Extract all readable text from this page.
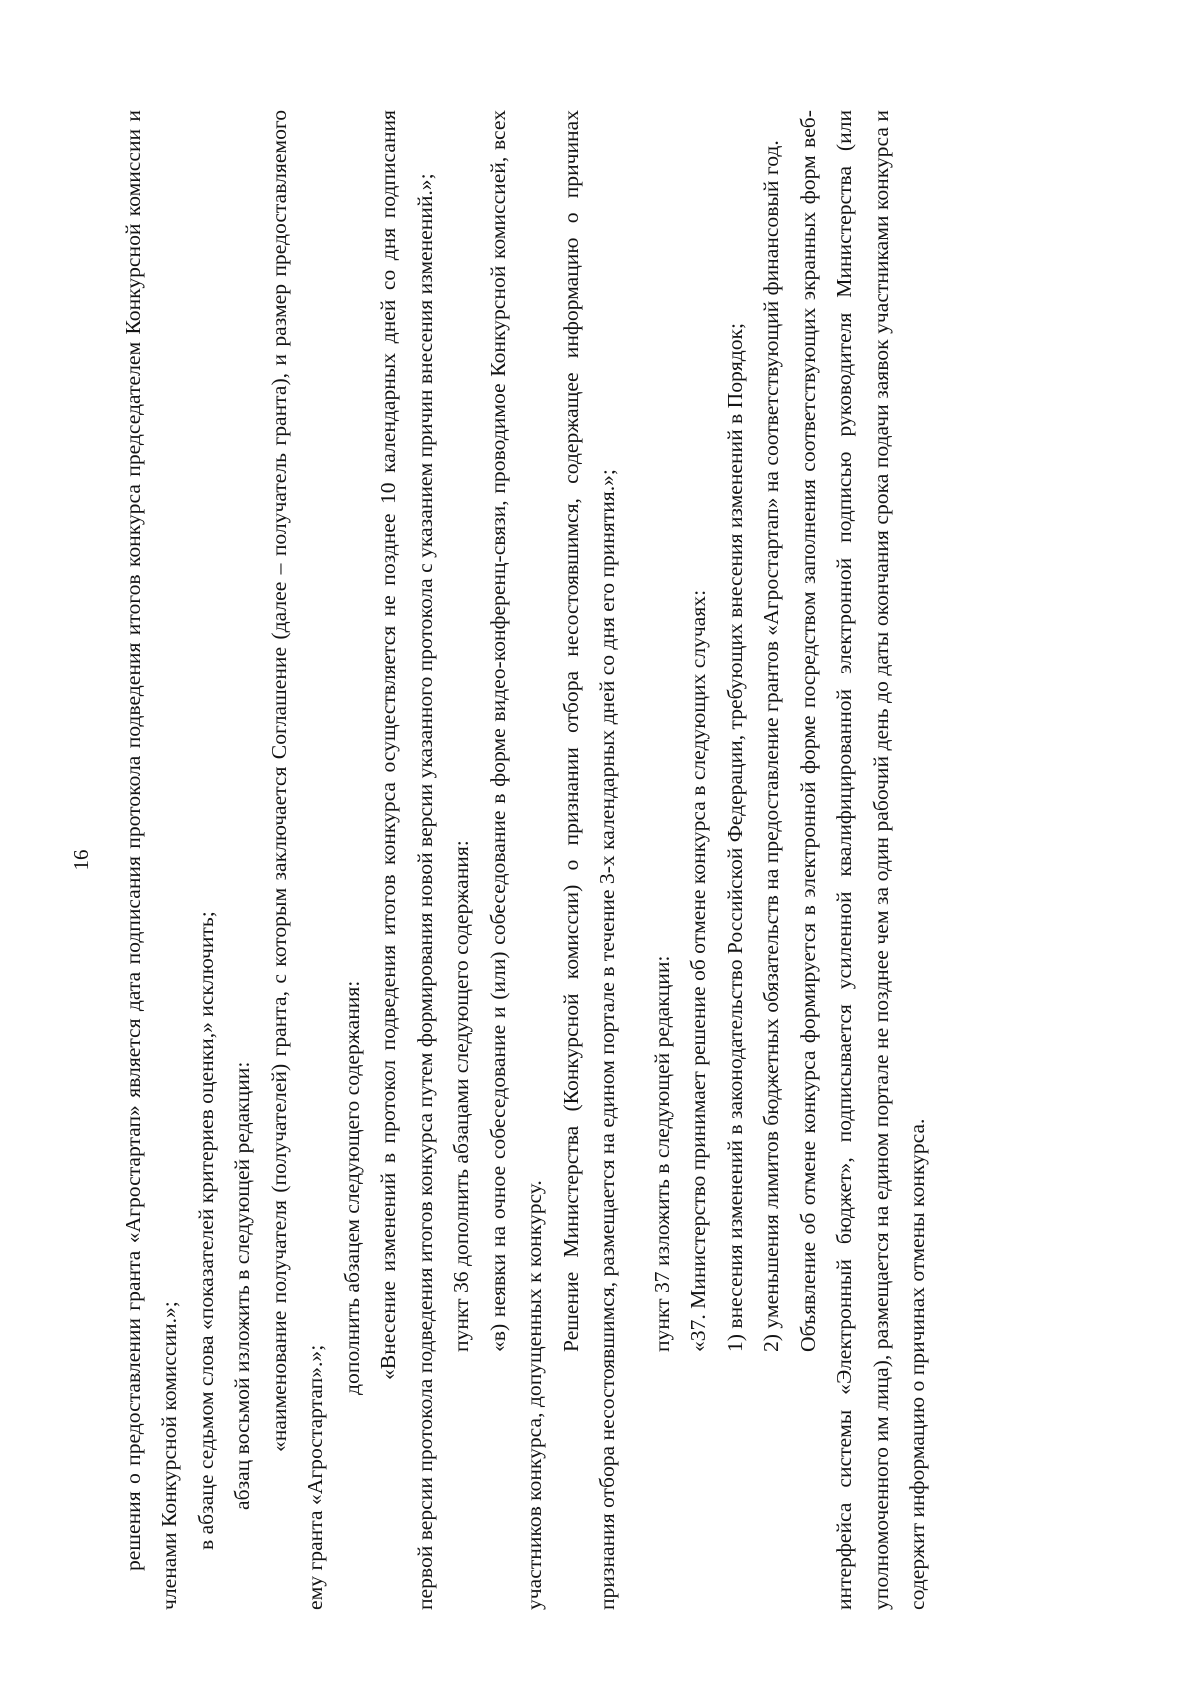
16	решения о предоставлении гранта «Агростартап» является дата подписания протокола подведения итогов конкурса председателем Конкурсной комиссии и членами Конкурсной комиссии.»; в абзаце седьмом слова «показателей критериев оценки,» исключить; абзац восьмой изложить в следующей редакции: «наименование получателя (получателей) гранта, с которым заключается Соглашение (далее – получатель гранта), и размер предоставляемого ему гранта «Агростартап».»;

дополнить абзацем следующего содержания: «Внесение изменений в протокол подведения итогов конкурса осуществляется не позднее 10 календарных дней со дня подписания первой версии протокола подведения итогов конкурса путем формирования новой версии указанного протокола с указанием причин внесения изменений.»; пункт 36 дополнить абзацами следующего содержания: «в) неявки на очное собеседование и (или) собеседование в форме видео-конференц-связи, проводимое Конкурсной комиссией, всех участников конкурса, допущенных к конкурсу.

Решение Министерства (Конкурсной комиссии) о признании отбора несостоявшимся, содержащее информацию о причинах признания отбора несостоявшимся, размещается на едином портале в течение 3-х календарных дней со дня его принятия.»;	пункт 37 изложить в следующей редакции: «37. Министерство принимает решение об отмене конкурса в следующих случаях: 1) внесения изменений в законодательство Российской Федерации, требующих внесения изменений в Порядок; 2) уменьшения лимитов бюджетных обязательств на предоставление грантов «Агростартап» на соответствующий финансовый год. Объявление об отмене конкурса формируется в электронной форме посредством заполнения соответствующих экранных форм веб-интерфейса системы «Электронный бюджет», подписывается усиленной квалифицированной электронной подписью руководителя Министерства (или уполномоченного им лица), размещается на едином портале не позднее чем за один рабочий день до даты окончания срока подачи заявок участниками конкурса и содержит информацию о причинах отмены конкурса.
